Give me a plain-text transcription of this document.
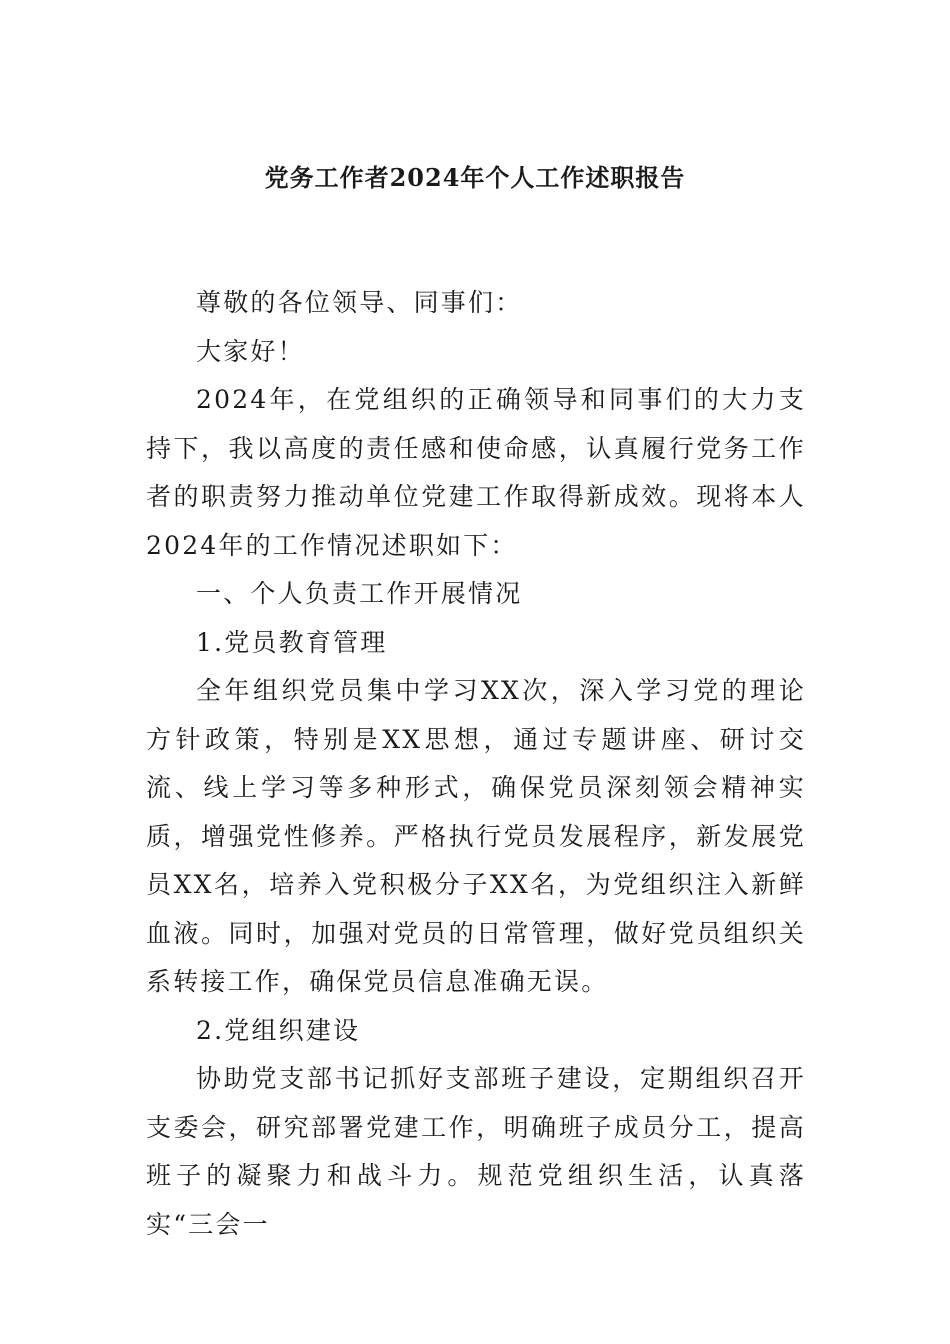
党务工作者2024年个人工作述职报告

尊敬的各位领导、同事们：

大家好！

2024年，在党组织的正确领导和同事们的大力支持下，我以高度的责任感和使命感，认真履行党务工作者的职责努力推动单位党建工作取得新成效。现将本人2024年的工作情况述职如下：

一、个人负责工作开展情况

1.党员教育管理

全年组织党员集中学习XX次，深入学习党的理论方针政策，特别是XX思想，通过专题讲座、研讨交流、线上学习等多种形式，确保党员深刻领会精神实质，增强党性修养。严格执行党员发展程序，新发展党员XX名，培养入党积极分子XX名，为党组织注入新鲜血液。同时，加强对党员的日常管理，做好党员组织关系转接工作，确保党员信息准确无误。

2.党组织建设

协助党支部书记抓好支部班子建设，定期组织召开支委会，研究部署党建工作，明确班子成员分工，提高班子的凝聚力和战斗力。规范党组织生活，认真落实“三会一
